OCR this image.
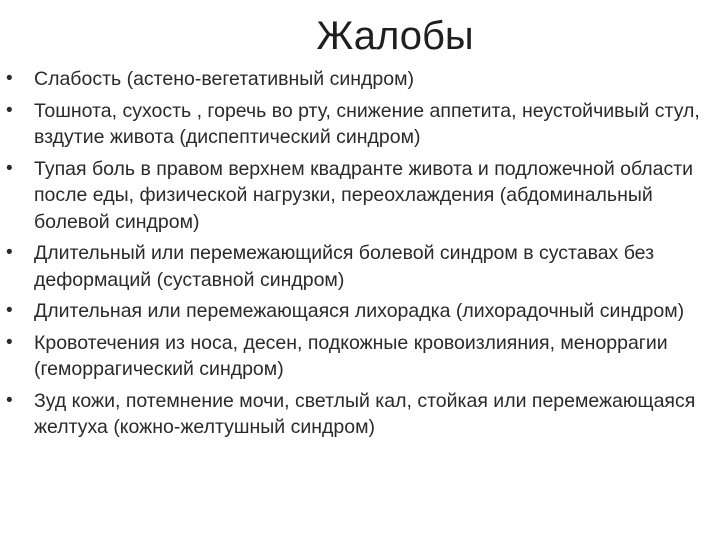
Жалобы
•	Слабость (астено-вегетативный синдром)
•	Тошнота, сухость , горечь во рту, снижение аппетита, неустойчивый стул, вздутие живота (диспептический синдром)
•	Тупая боль в правом верхнем квадранте живота и подложечной области после еды, физической нагрузки, переохлаждения (абдоминальный болевой синдром)
•	Длительный или перемежающийся болевой синдром в суставах без деформаций (суставной синдром)
•	Длительная или перемежающаяся лихорадка (лихорадочный синдром)
•	Кровотечения из носа, десен, подкожные кровоизлияния, меноррагии (геморрагический синдром)
•	Зуд кожи, потемнение мочи, светлый кал, стойкая или перемежающаяся желтуха (кожно-желтушный синдром)
